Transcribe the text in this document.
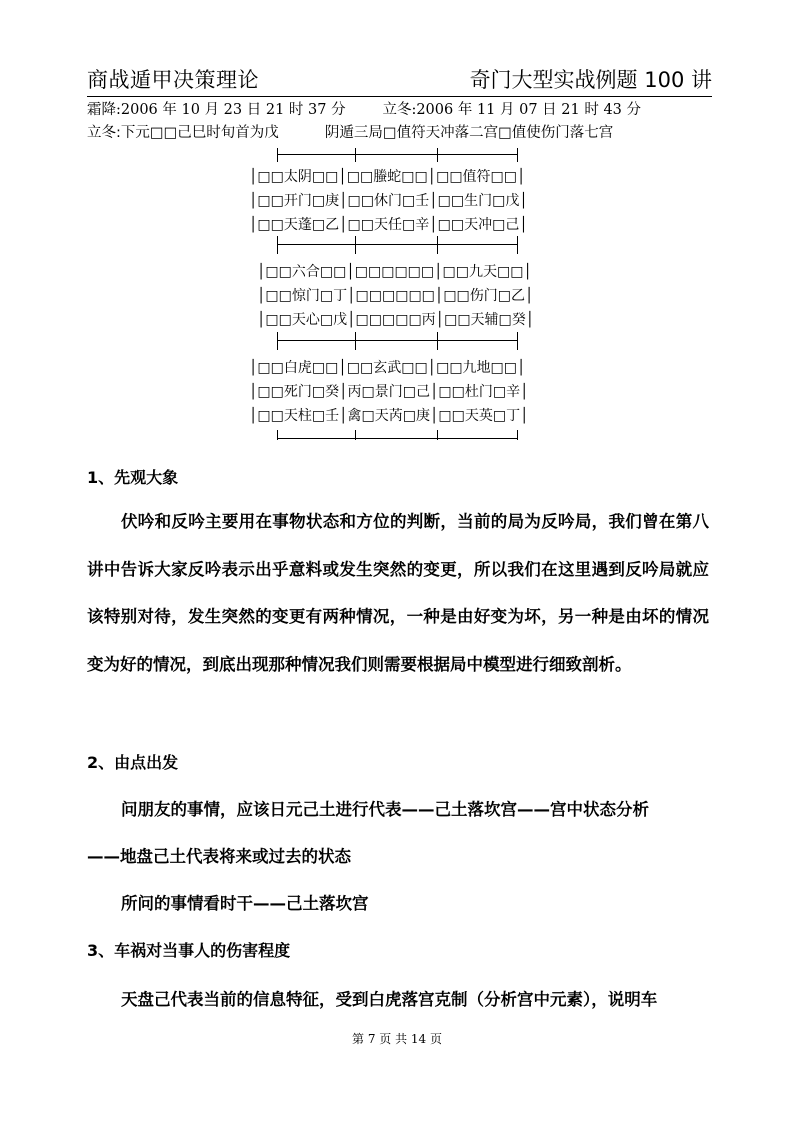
商战遁甲决策理论	奇门大型实战例题 100 讲
霜降:2006 年 10 月 23 日 21 时 37 分        立冬:2006 年 11 月 07 日 21 时 43 分
立冬:下元□□己巳时旬首为戊          阴遁三局□值符天冲落二宫□值使伤门落七宫
│□□太阴□□│□□螣蛇□□│□□值符□□│
│□□开门□庚│□□休门□壬│□□生门□戊│
│□□天蓬□乙│□□天任□辛│□□天冲□己│
│□□六合□□│□□□□□□│□□九天□□│
│□□惊门□丁│□□□□□□│□□伤门□乙│
│□□天心□戊│□□□□□丙│□□天辅□癸│
│□□白虎□□│□□玄武□□│□□九地□□│
│□□死门□癸│丙□景门□己│□□杜门□辛│
│□□天柱□壬│禽□天芮□庚│□□天英□丁│
1、先观大象
伏吟和反吟主要用在事物状态和方位的判断，当前的局为反吟局，我们曾在第八讲中告诉大家反吟表示出乎意料或发生突然的变更，所以我们在这里遇到反吟局就应该特别对待，发生突然的变更有两种情况，一种是由好变为坏，另一种是由坏的情况变为好的情况，到底出现那种情况我们则需要根据局中模型进行细致剖析。
2、由点出发
问朋友的事情，应该日元己土进行代表——己土落坎宫——宫中状态分析
——地盘己土代表将来或过去的状态
所问的事情看时干——己土落坎宫
3、车祸对当事人的伤害程度
天盘己代表当前的信息特征，受到白虎落宫克制（分析宫中元素），说明车
第 7 页 共 14 页
